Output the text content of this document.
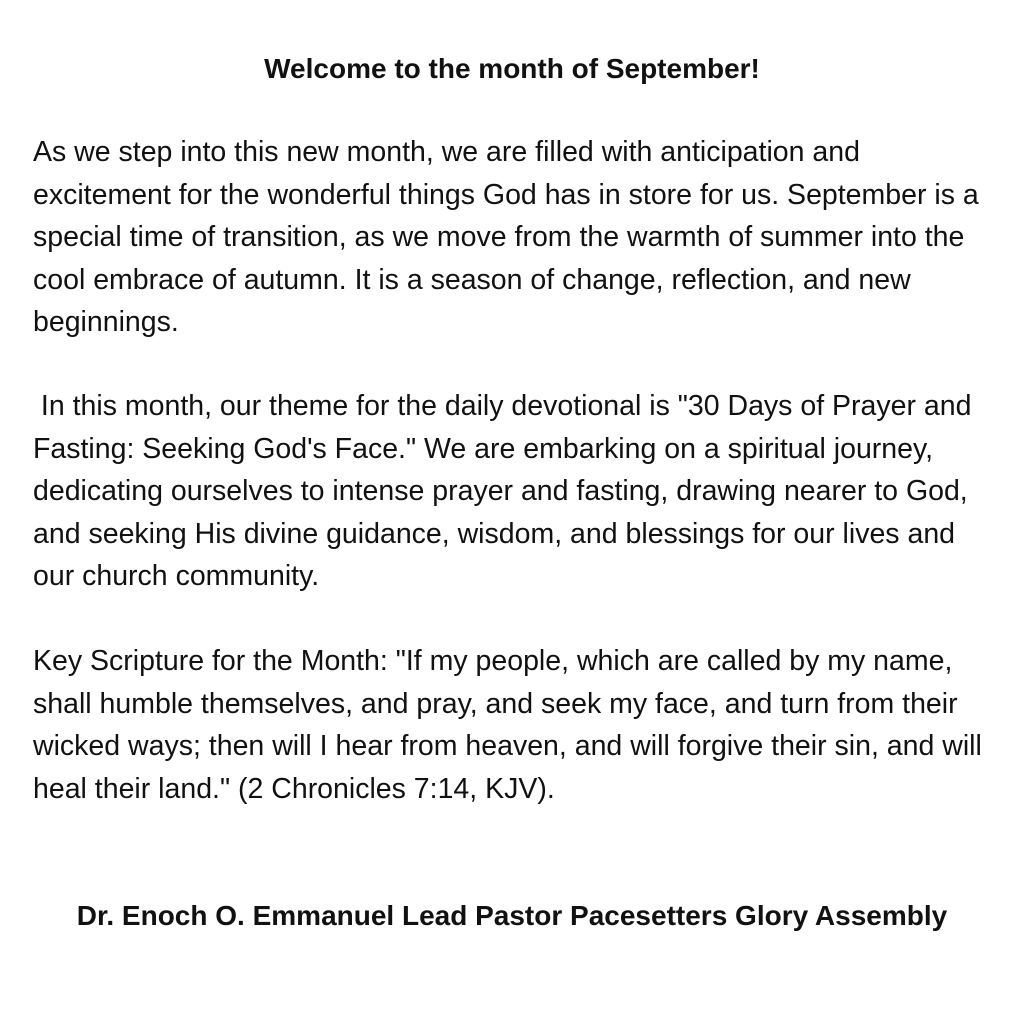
Welcome to the month of September!

As we step into this new month, we are filled with anticipation and excitement for the wonderful things God has in store for us. September is a special time of transition, as we move from the warmth of summer into the cool embrace of autumn. It is a season of change, reflection, and new beginnings.

In this month, our theme for the daily devotional is "30 Days of Prayer and Fasting: Seeking God's Face." We are embarking on a spiritual journey, dedicating ourselves to intense prayer and fasting, drawing nearer to God, and seeking His divine guidance, wisdom, and blessings for our lives and our church community.

Key Scripture for the Month: "If my people, which are called by my name, shall humble themselves, and pray, and seek my face, and turn from their wicked ways; then will I hear from heaven, and will forgive their sin, and will heal their land." (2 Chronicles 7:14, KJV).

Dr. Enoch O. Emmanuel Lead Pastor Pacesetters Glory Assembly
